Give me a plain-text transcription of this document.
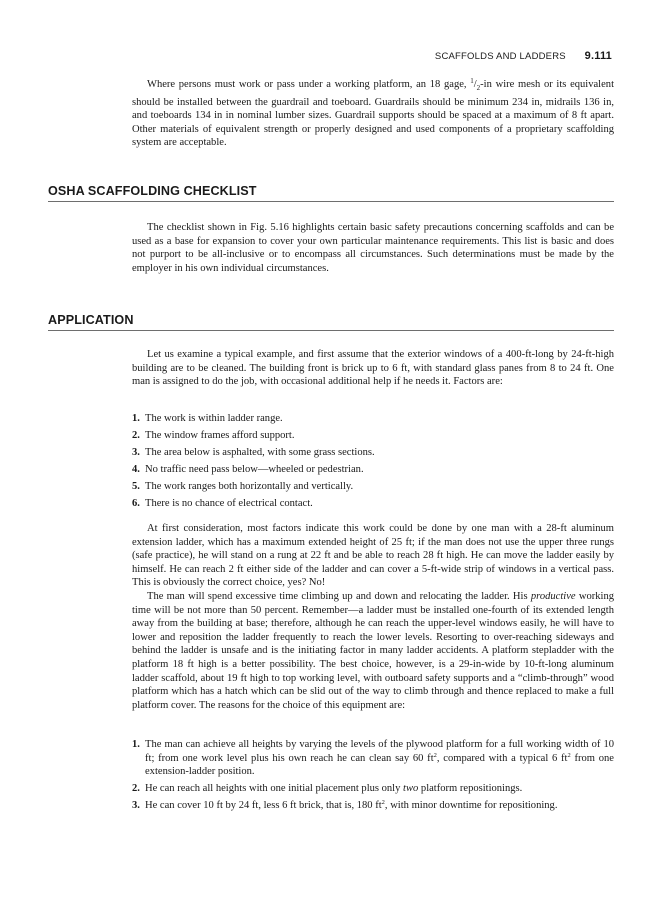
SCAFFOLDS AND LADDERS 9.111

Where persons must work or pass under a working platform, an 18 gage, $^1/_2-in$ wire mesh or its equivalent should be installed between the guardrail and toeboard. Guardrails should be minimum 234 in, midrails 136 in, and toeboards 134 in in nominal lumber sizes. Guardrail supports should be spaced at a maximum of 8 ft apart. Other materials of equivalent strength or properly designed and used components of a proprietary scaffolding system are acceptable.

OSHA SCAFFOLDING CHECKLIST

The checklist shown in Fig. 5.16 highlights certain basic safety precautions concerning scaffolds and can be used as a base for expansion to cover your own particular maintenance requirements. This list is basic and does not purport to be all-inclusive or to encompass all circumstances. Such determinations must be made by the employer in his own individual circumstances.

APPLICATION

Let us examine a typical example, and first assume that the exterior windows of a 400-ft-long by 24-ft-high building are to be cleaned. The building front is brick up to 6 ft, with standard glass panes from 8 to 24 ft. One man is assigned to do the job, with occasional additional help if he needs it. Factors are:

1. The work is within ladder range.
2. The window frames afford support.
3. The area below is asphalted, with some grass sections.
4. No traffic need pass below—wheeled or pedestrian.
5. The work ranges both horizontally and vertically.
6. There is no chance of electrical contact.

At first consideration, most factors indicate this work could be done by one man with a 28-ft aluminum extension ladder, which has a maximum extended height of 25 ft; if the man does not use the upper three rungs (safe practice), he will stand on a rung at 22 ft and be able to reach 28 ft high. He can move the ladder easily by himself. He can reach 2 ft either side of the ladder and can cover a 5-ft-wide strip of windows in a vertical pass. This is obviously the correct choice, yes? No!

The man will spend excessive time climbing up and down and relocating the ladder. His productive working time will be not more than 50 percent. Remember—a ladder must be installed one-fourth of its extended length away from the building at base; therefore, although he can reach the upper-level windows easily, he will have to lower and reposition the ladder frequently to reach the lower levels. Resorting to over-reaching sideways and behind the ladder is unsafe and is the initiating factor in many ladder accidents. A platform stepladder with the platform 18 ft high is a better possibility. The best choice, however, is a 29-in-wide by 10-ft-long aluminum ladder scaffold, about 19 ft high to top working level, with outboard safety supports and a “climb-through” wood platform which has a hatch which can be slid out of the way to climb through and thence replaced to make a full platform cover. The reasons for the choice of this equipment are:

1. The man can achieve all heights by varying the levels of the plywood platform for a full working width of 10 ft; from one work level plus his own reach he can clean say 60 $ft^2$, compared with a typical 6 $ft^2$ from one extension-ladder position.
2. He can reach all heights with one initial placement plus only two platform repositionings.
3. He can cover 10 ft by 24 ft, less 6 ft brick, that is, 180 $ft^2$, with minor downtime for repositioning.
